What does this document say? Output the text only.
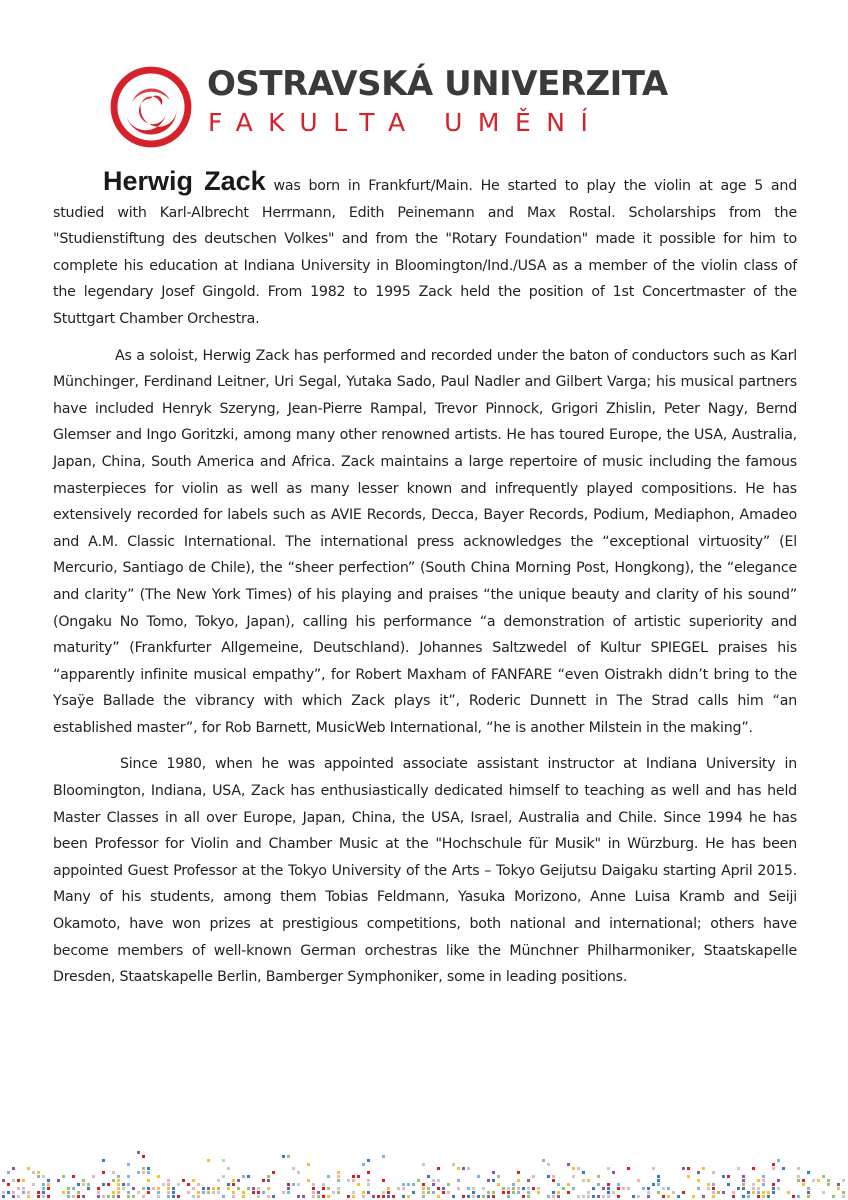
OSTRAVSKÁ UNIVERZITA
FAKULTA UMĚNÍ

Herwig Zack was born in Frankfurt/Main. He started to play the violin at age 5 and studied with Karl-Albrecht Herrmann, Edith Peinemann and Max Rostal. Scholarships from the "Studienstiftung des deutschen Volkes" and from the "Rotary Foundation" made it possible for him to complete his education at Indiana University in Bloomington/Ind./USA as a member of the violin class of the legendary Josef Gingold. From 1982 to 1995 Zack held the position of 1st Concertmaster of the Stuttgart Chamber Orchestra.

As a soloist, Herwig Zack has performed and recorded under the baton of conductors such as Karl Münchinger, Ferdinand Leitner, Uri Segal, Yutaka Sado, Paul Nadler and Gilbert Varga; his musical partners have included Henryk Szeryng, Jean-Pierre Rampal, Trevor Pinnock, Grigori Zhislin, Peter Nagy, Bernd Glemser and Ingo Goritzki, among many other renowned artists. He has toured Europe, the USA, Australia, Japan, China, South America and Africa. Zack maintains a large repertoire of music including the famous masterpieces for violin as well as many lesser known and infrequently played compositions. He has extensively recorded for labels such as AVIE Records, Decca, Bayer Records, Podium, Mediaphon, Amadeo and A.M. Classic International. The international press acknowledges the “exceptional virtuosity” (El Mercurio, Santiago de Chile), the “sheer perfection” (South China Morning Post, Hongkong), the “elegance and clarity” (The New York Times) of his playing and praises “the unique beauty and clarity of his sound” (Ongaku No Tomo, Tokyo, Japan), calling his performance “a demonstration of artistic superiority and maturity” (Frankfurter Allgemeine, Deutschland). Johannes Saltzwedel of Kultur SPIEGEL praises his “apparently infinite musical empathy”, for Robert Maxham of FANFARE “even Oistrakh didn’t bring to the Ysaÿe Ballade the vibrancy with which Zack plays it”, Roderic Dunnett in The Strad calls him “an established master”, for Rob Barnett, MusicWeb International, “he is another Milstein in the making”.

Since 1980, when he was appointed associate assistant instructor at Indiana University in Bloomington, Indiana, USA, Zack has enthusiastically dedicated himself to teaching as well and has held Master Classes in all over Europe, Japan, China, the USA, Israel, Australia and Chile. Since 1994 he has been Professor for Violin and Chamber Music at the "Hochschule für Musik" in Würzburg. He has been appointed Guest Professor at the Tokyo University of the Arts – Tokyo Geijutsu Daigaku starting April 2015. Many of his students, among them Tobias Feldmann, Yasuka Morizono, Anne Luisa Kramb and Seiji Okamoto, have won prizes at prestigious competitions, both national and international; others have become members of well-known German orchestras like the Münchner Philharmoniker, Staatskapelle Dresden, Staatskapelle Berlin, Bamberger Symphoniker, some in leading positions.
